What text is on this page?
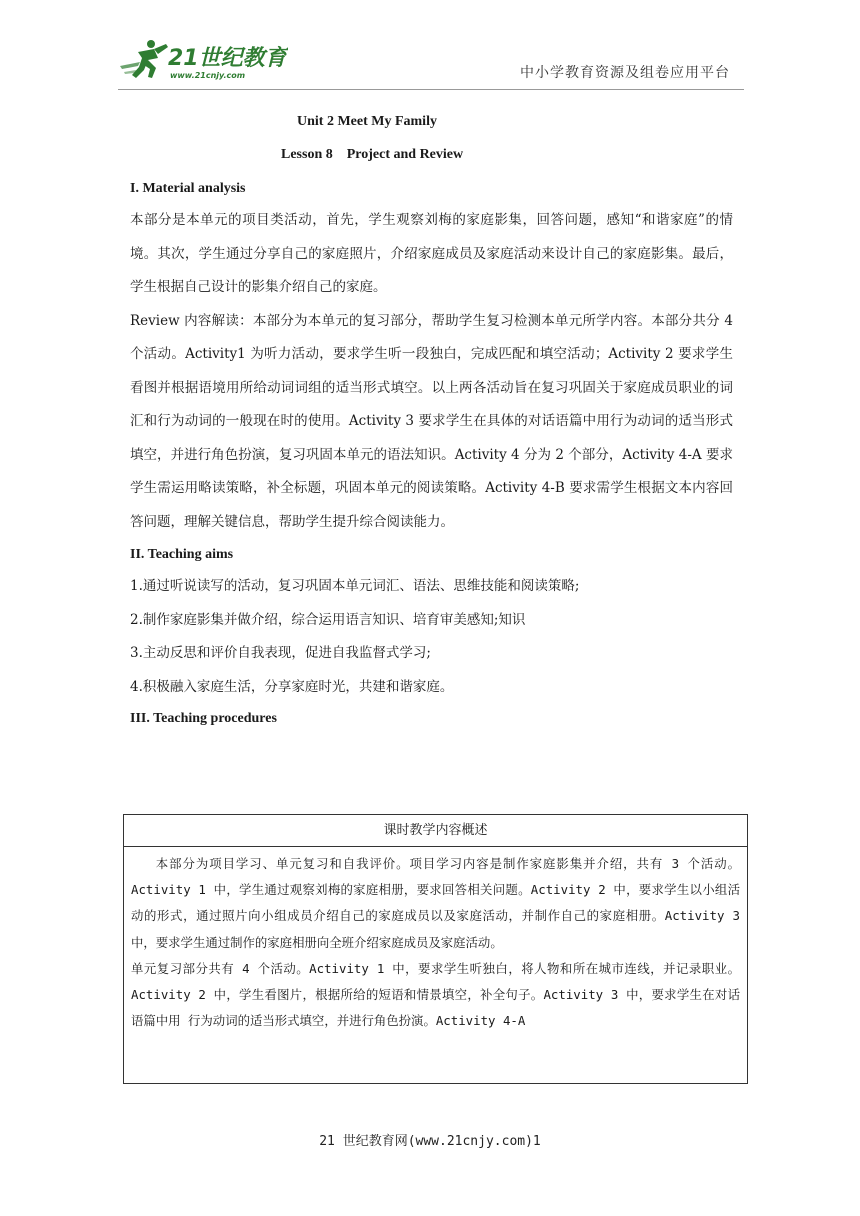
21世纪教育
www.21cnjy.com	中小学教育资源及组卷应用平台
Unit 2 Meet My Family
Lesson 8    Project and Review
I. Material analysis

本部分是本单元的项目类活动，首先，学生观察刘梅的家庭影集，回答问题，感知“和谐家庭”的情境。其次，学生通过分享自己的家庭照片，介绍家庭成员及家庭活动来设计自己的家庭影集。最后，学生根据自己设计的影集介绍自己的家庭。

Review 内容解读：本部分为本单元的复习部分，帮助学生复习检测本单元所学内容。本部分共分 4 个活动。Activity1 为听力活动，要求学生听一段独白，完成匹配和填空活动；Activity 2 要求学生看图并根据语境用所给动词词组的适当形式填空。以上两各活动旨在复习巩固关于家庭成员职业的词汇和行为动词的一般现在时的使用。Activity 3 要求学生在具体的对话语篇中用行为动词的适当形式填空，并进行角色扮演，复习巩固本单元的语法知识。Activity 4 分为 2 个部分，Activity 4-A 要求学生需运用略读策略，补全标题，巩固本单元的阅读策略。Activity 4-B 要求需学生根据文本内容回答问题，理解关键信息，帮助学生提升综合阅读能力。

II. Teaching aims

1.通过听说读写的活动，复习巩固本单元词汇、语法、思维技能和阅读策略;

2.制作家庭影集并做介绍，综合运用语言知识、培育审美感知;知识

3.主动反思和评价自我表现，促进自我监督式学习;

4.积极融入家庭生活，分享家庭时光，共建和谐家庭。

III. Teaching procedures
课时教学内容概述

本部分为项目学习、单元复习和自我评价。项目学习内容是制作家庭影集并介绍，共有 3 个活动。Activity 1 中，学生通过观察刘梅的家庭相册，要求回答相关问题。Activity 2 中，要求学生以小组活动的形式，通过照片向小组成员介绍自己的家庭成员以及家庭活动，并制作自己的家庭相册。Activity 3 中，要求学生通过制作的家庭相册向全班介绍家庭成员及家庭活动。

单元复习部分共有 4 个活动。Activity 1 中，要求学生听独白，将人物和所在城市连线，并记录职业。Activity 2 中，学生看图片，根据所给的短语和情景填空，补全句子。Activity 3 中，要求学生在对话语篇中用 行为动词的适当形式填空，并进行角色扮演。Activity 4-A

21 世纪教育网(www.21cnjy.com)1
